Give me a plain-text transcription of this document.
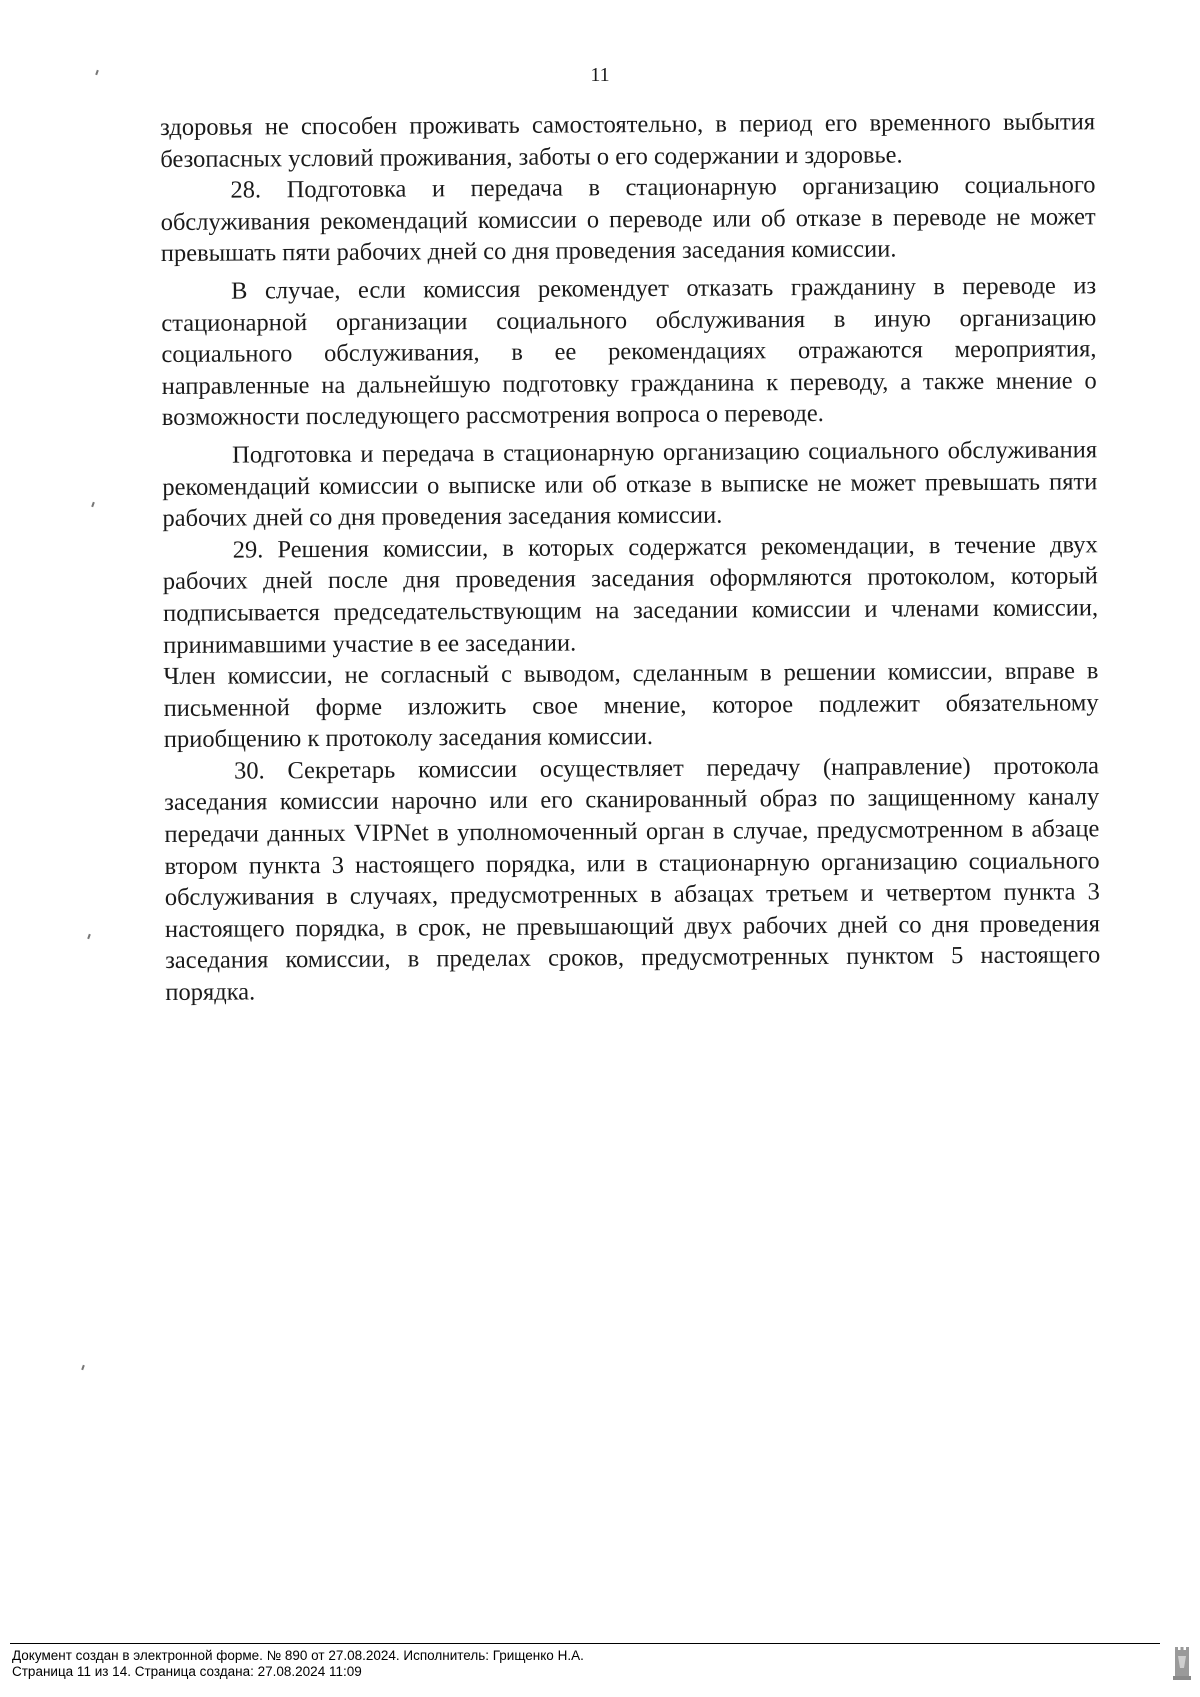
11

здоровья не способен проживать самостоятельно, в период его временного выбытия безопасных условий проживания, заботы о его содержании и здоровье.

28. Подготовка и передача в стационарную организацию социального обслуживания рекомендаций комиссии о переводе или об отказе в переводе не может превышать пяти рабочих дней со дня проведения заседания комиссии.

В случае, если комиссия рекомендует отказать гражданину в переводе из стационарной организации социального обслуживания в иную организацию социального обслуживания, в ее рекомендациях отражаются мероприятия, направленные на дальнейшую подготовку гражданина к переводу, а также мнение о возможности последующего рассмотрения вопроса о переводе.

Подготовка и передача в стационарную организацию социального обслуживания рекомендаций комиссии о выписке или об отказе в выписке не может превышать пяти рабочих дней со дня проведения заседания комиссии.

29. Решения комиссии, в которых содержатся рекомендации, в течение двух рабочих дней после дня проведения заседания оформляются протоколом, который подписывается председательствующим на заседании комиссии и членами комиссии, принимавшими участие в ее заседании.

Член комиссии, не согласный с выводом, сделанным в решении комиссии, вправе в письменной форме изложить свое мнение, которое подлежит обязательному приобщению к протоколу заседания комиссии.

30. Секретарь комиссии осуществляет передачу (направление) протокола заседания комиссии нарочно или его сканированный образ по защищенному каналу передачи данных VIPNet в уполномоченный орган в случае, предусмотренном в абзаце втором пункта 3 настоящего порядка, или в стационарную организацию социального обслуживания в случаях, предусмотренных в абзацах третьем и четвертом пункта 3 настоящего порядка, в срок, не превышающий двух рабочих дней со дня проведения заседания комиссии, в пределах сроков, предусмотренных пунктом 5 настоящего порядка.

Документ создан в электронной форме. № 890 от 27.08.2024. Исполнитель: Грищенко Н.А.
Страница 11 из 14. Страница создана: 27.08.2024 11:09
